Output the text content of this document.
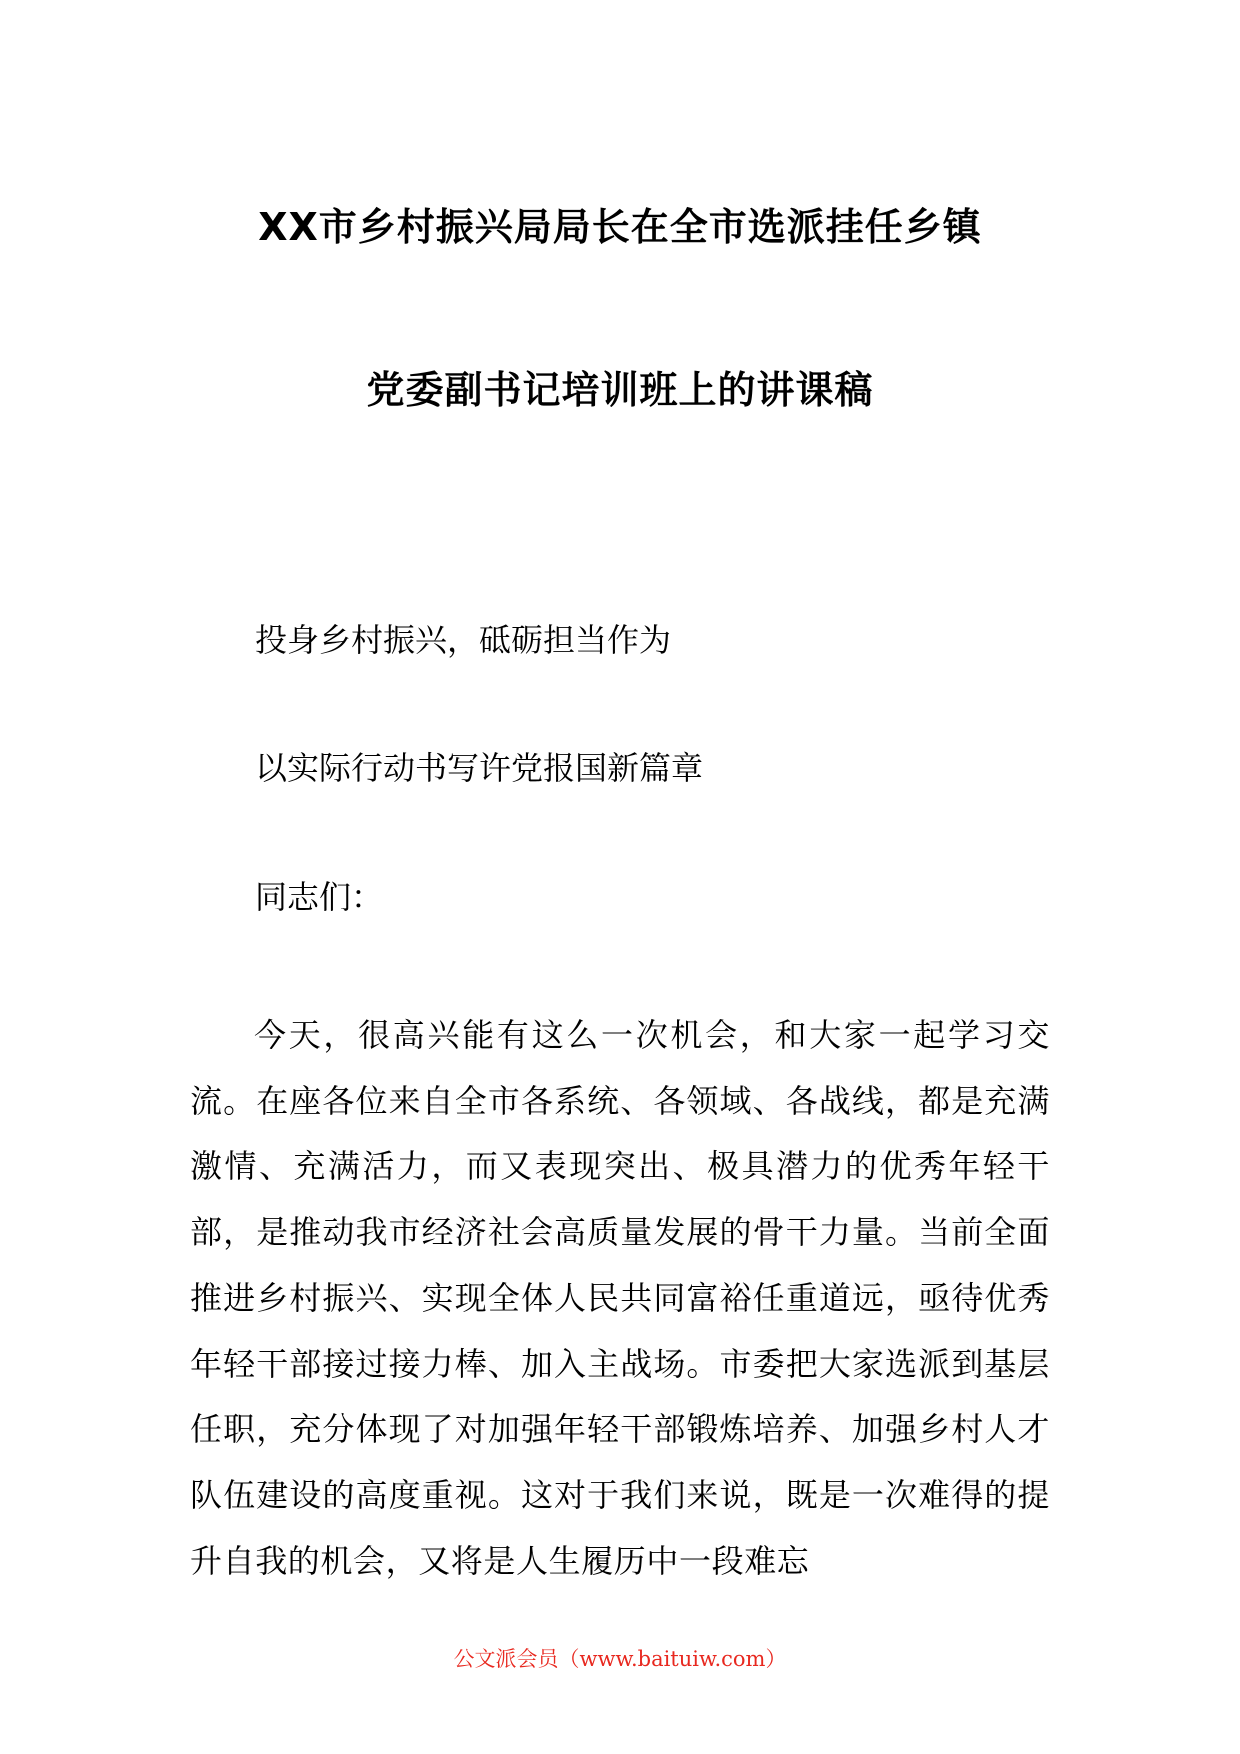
XX市乡村振兴局局长在全市选派挂任乡镇
党委副书记培训班上的讲课稿
投身乡村振兴，砥砺担当作为
以实际行动书写许党报国新篇章
同志们：

今天，很高兴能有这么一次机会，和大家一起学习交流。在座各位来自全市各系统、各领域、各战线，都是充满激情、充满活力，而又表现突出、极具潜力的优秀年轻干部，是推动我市经济社会高质量发展的骨干力量。当前全面推进乡村振兴、实现全体人民共同富裕任重道远，亟待优秀年轻干部接过接力棒、加入主战场。市委把大家选派到基层任职，充分体现了对加强年轻干部锻炼培养、加强乡村人才队伍建设的高度重视。这对于我们来说，既是一次难得的提升自我的机会，又将是人生履历中一段难忘

公文派会员（www.baituiw.com）
